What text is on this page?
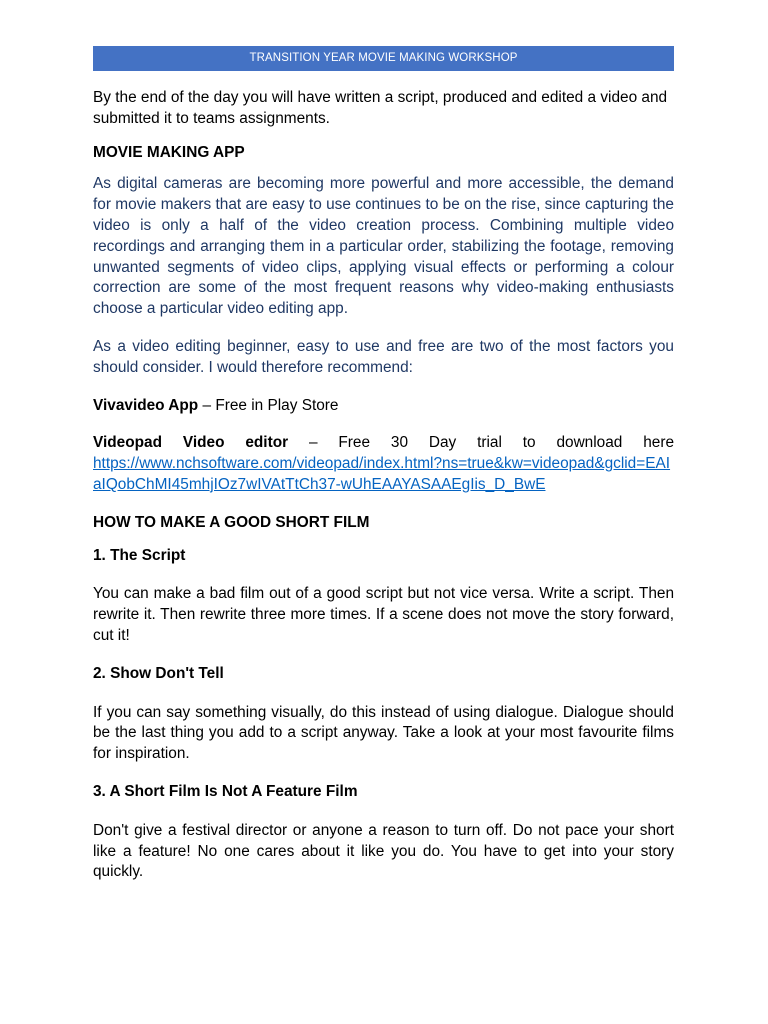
TRANSITION YEAR MOVIE MAKING WORKSHOP

By the end of the day you will have written a script, produced and edited a video and submitted it to teams assignments.

MOVIE MAKING APP

As digital cameras are becoming more powerful and more accessible, the demand for movie makers that are easy to use continues to be on the rise, since capturing the video is only a half of the video creation process. Combining multiple video recordings and arranging them in a particular order, stabilizing the footage, removing unwanted segments of video clips, applying visual effects or performing a colour correction are some of the most frequent reasons why video-making enthusiasts choose a particular video editing app.

As a video editing beginner, easy to use and free are two of the most factors you should consider. I would therefore recommend:

Vivavideo App – Free in Play Store

Videopad Video editor – Free 30 Day trial to download here
https://www.nchsoftware.com/videopad/index.html?ns=true&kw=videopad&gclid=EAIaIQobChMI45mhjIOz7wIVAtTtCh37-wUhEAAYASAAEgIis_D_BwE

HOW TO MAKE A GOOD SHORT FILM

1. The Script

You can make a bad film out of a good script but not vice versa. Write a script. Then rewrite it. Then rewrite three more times. If a scene does not move the story forward, cut it!

2. Show Don't Tell

If you can say something visually, do this instead of using dialogue. Dialogue should be the last thing you add to a script anyway. Take a look at your most favourite films for inspiration.

3. A Short Film Is Not A Feature Film

Don't give a festival director or anyone a reason to turn off. Do not pace your short like a feature! No one cares about it like you do. You have to get into your story quickly.
